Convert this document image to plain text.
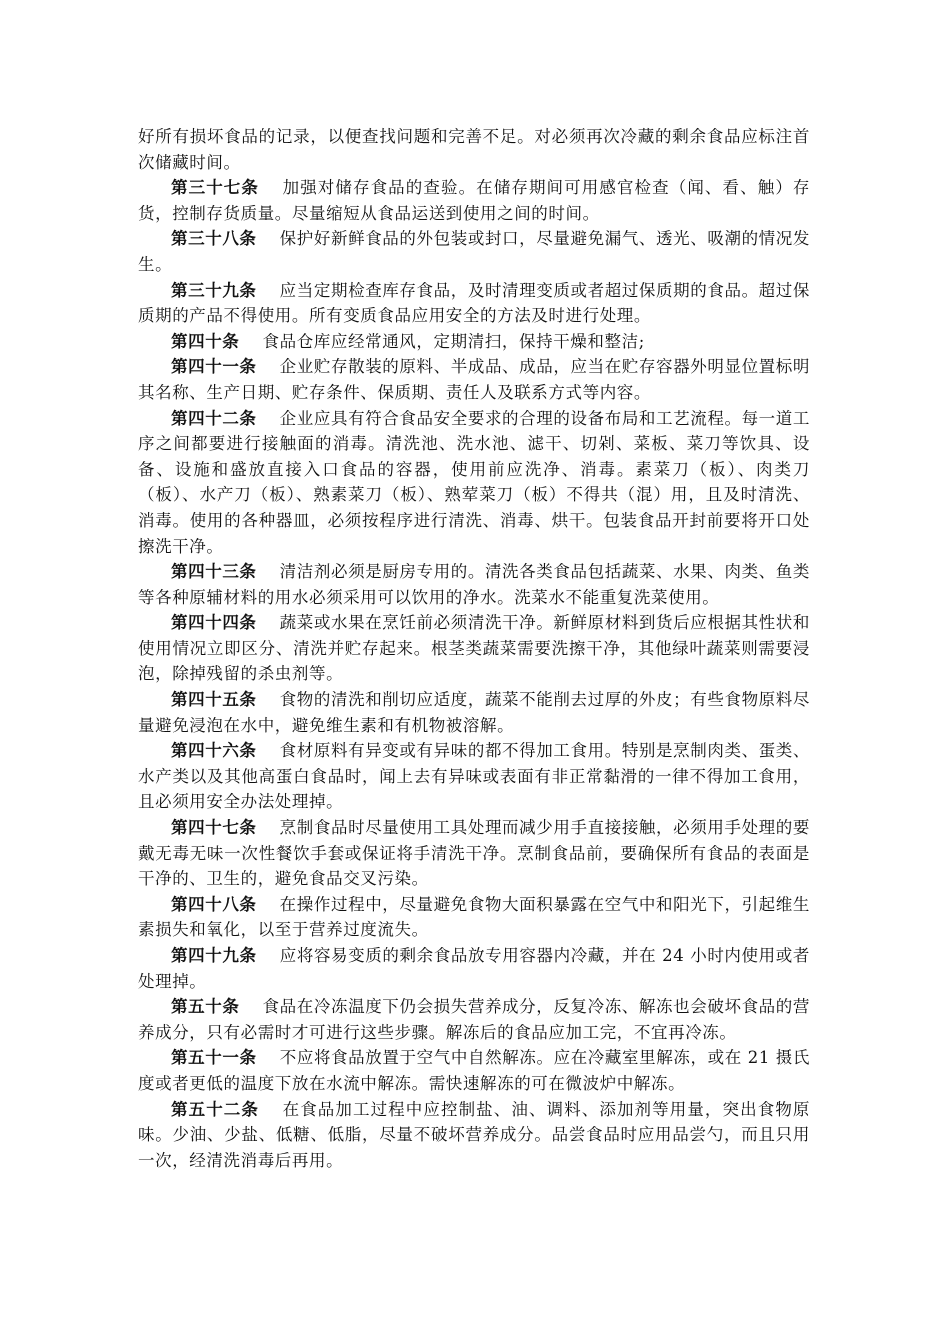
好所有损坏食品的记录，以便查找问题和完善不足。对必须再次冷藏的剩余食品应标注首次储藏时间。

第三十七条 加强对储存食品的查验。在储存期间可用感官检查（闻、看、触）存货，控制存货质量。尽量缩短从食品运送到使用之间的时间。

第三十八条 保护好新鲜食品的外包装或封口，尽量避免漏气、透光、吸潮的情况发生。

第三十九条 应当定期检查库存食品，及时清理变质或者超过保质期的食品。超过保质期的产品不得使用。所有变质食品应用安全的方法及时进行处理。

第四十条 食品仓库应经常通风，定期清扫，保持干燥和整洁;

第四十一条 企业贮存散装的原料、半成品、成品，应当在贮存容器外明显位置标明其名称、生产日期、贮存条件、保质期、责任人及联系方式等内容。

第四十二条 企业应具有符合食品安全要求的合理的设备布局和工艺流程。每一道工序之间都要进行接触面的消毒。清洗池、洗水池、滤干、切剁、菜板、菜刀等饮具、设备、设施和盛放直接入口食品的容器，使用前应洗净、消毒。素菜刀（板）、肉类刀（板）、水产刀（板）、熟素菜刀（板）、熟荤菜刀（板）不得共（混）用，且及时清洗、消毒。使用的各种器皿，必须按程序进行清洗、消毒、烘干。包装食品开封前要将开口处擦洗干净。

第四十三条 清洁剂必须是厨房专用的。清洗各类食品包括蔬菜、水果、肉类、鱼类等各种原辅材料的用水必须采用可以饮用的净水。洗菜水不能重复洗菜使用。

第四十四条 蔬菜或水果在烹饪前必须清洗干净。新鲜原材料到货后应根据其性状和使用情况立即区分、清洗并贮存起来。根茎类蔬菜需要洗擦干净，其他绿叶蔬菜则需要浸泡，除掉残留的杀虫剂等。

第四十五条 食物的清洗和削切应适度，蔬菜不能削去过厚的外皮；有些食物原料尽量避免浸泡在水中，避免维生素和有机物被溶解。

第四十六条 食材原料有异变或有异味的都不得加工食用。特别是烹制肉类、蛋类、水产类以及其他高蛋白食品时，闻上去有异味或表面有非正常黏滑的一律不得加工食用，且必须用安全办法处理掉。

第四十七条 烹制食品时尽量使用工具处理而减少用手直接接触，必须用手处理的要戴无毒无味一次性餐饮手套或保证将手清洗干净。烹制食品前，要确保所有食品的表面是干净的、卫生的，避免食品交叉污染。

第四十八条 在操作过程中，尽量避免食物大面积暴露在空气中和阳光下，引起维生素损失和氧化，以至于营养过度流失。

第四十九条 应将容易变质的剩余食品放专用容器内冷藏，并在 24 小时内使用或者处理掉。

第五十条 食品在冷冻温度下仍会损失营养成分，反复冷冻、解冻也会破坏食品的营养成分，只有必需时才可进行这些步骤。解冻后的食品应加工完，不宜再冷冻。

第五十一条 不应将食品放置于空气中自然解冻。应在冷藏室里解冻，或在 21 摄氏度或者更低的温度下放在水流中解冻。需快速解冻的可在微波炉中解冻。

第五十二条 在食品加工过程中应控制盐、油、调料、添加剂等用量，突出食物原味。少油、少盐、低糖、低脂，尽量不破坏营养成分。品尝食品时应用品尝勺，而且只用一次，经清洗消毒后再用。
